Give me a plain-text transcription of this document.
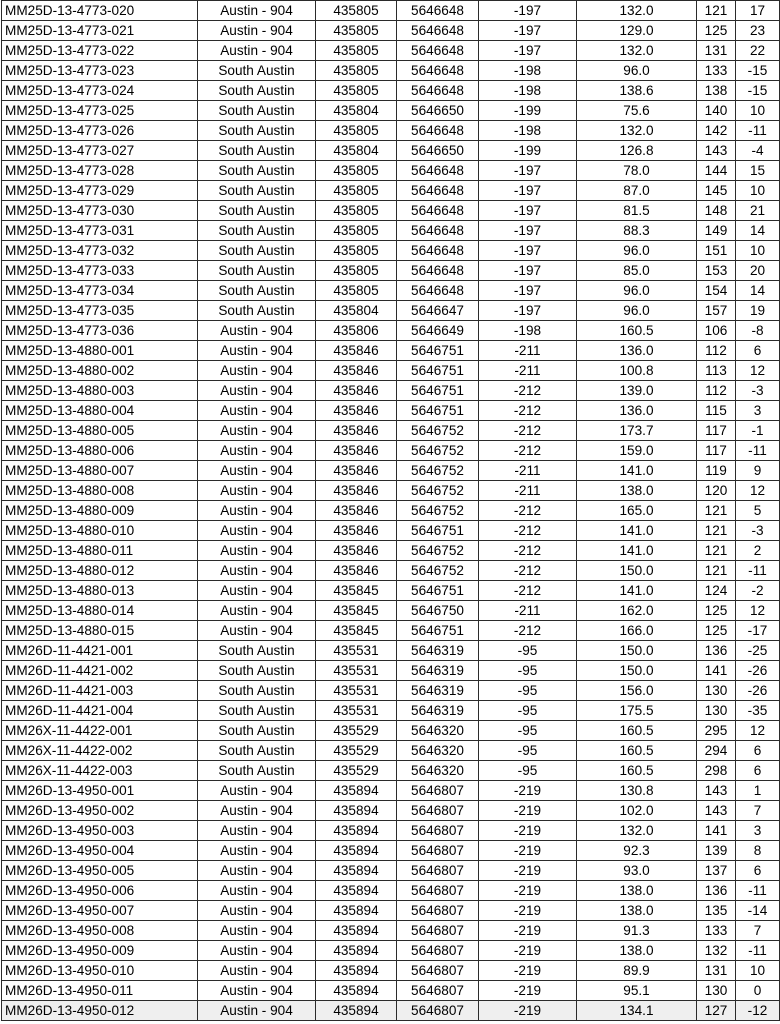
MM25D-13-4773-020	Austin - 904	435805	5646648	-197	132.0	121	17
MM25D-13-4773-021	Austin - 904	435805	5646648	-197	129.0	125	23
MM25D-13-4773-022	Austin - 904	435805	5646648	-197	132.0	131	22
MM25D-13-4773-023	South Austin	435805	5646648	-198	96.0	133	-15
MM25D-13-4773-024	South Austin	435805	5646648	-198	138.6	138	-15
MM25D-13-4773-025	South Austin	435804	5646650	-199	75.6	140	10
MM25D-13-4773-026	South Austin	435805	5646648	-198	132.0	142	-11
MM25D-13-4773-027	South Austin	435804	5646650	-199	126.8	143	-4
MM25D-13-4773-028	South Austin	435805	5646648	-197	78.0	144	15
MM25D-13-4773-029	South Austin	435805	5646648	-197	87.0	145	10
MM25D-13-4773-030	South Austin	435805	5646648	-197	81.5	148	21
MM25D-13-4773-031	South Austin	435805	5646648	-197	88.3	149	14
MM25D-13-4773-032	South Austin	435805	5646648	-197	96.0	151	10
MM25D-13-4773-033	South Austin	435805	5646648	-197	85.0	153	20
MM25D-13-4773-034	South Austin	435805	5646648	-197	96.0	154	14
MM25D-13-4773-035	South Austin	435804	5646647	-197	96.0	157	19
MM25D-13-4773-036	Austin - 904	435806	5646649	-198	160.5	106	-8
MM25D-13-4880-001	Austin - 904	435846	5646751	-211	136.0	112	6
MM25D-13-4880-002	Austin - 904	435846	5646751	-211	100.8	113	12
MM25D-13-4880-003	Austin - 904	435846	5646751	-212	139.0	112	-3
MM25D-13-4880-004	Austin - 904	435846	5646751	-212	136.0	115	3
MM25D-13-4880-005	Austin - 904	435846	5646752	-212	173.7	117	-1
MM25D-13-4880-006	Austin - 904	435846	5646752	-212	159.0	117	-11
MM25D-13-4880-007	Austin - 904	435846	5646752	-211	141.0	119	9
MM25D-13-4880-008	Austin - 904	435846	5646752	-211	138.0	120	12
MM25D-13-4880-009	Austin - 904	435846	5646752	-212	165.0	121	5
MM25D-13-4880-010	Austin - 904	435846	5646751	-212	141.0	121	-3
MM25D-13-4880-011	Austin - 904	435846	5646752	-212	141.0	121	2
MM25D-13-4880-012	Austin - 904	435846	5646752	-212	150.0	121	-11
MM25D-13-4880-013	Austin - 904	435845	5646751	-212	141.0	124	-2
MM25D-13-4880-014	Austin - 904	435845	5646750	-211	162.0	125	12
MM25D-13-4880-015	Austin - 904	435845	5646751	-212	166.0	125	-17
MM26D-11-4421-001	South Austin	435531	5646319	-95	150.0	136	-25
MM26D-11-4421-002	South Austin	435531	5646319	-95	150.0	141	-26
MM26D-11-4421-003	South Austin	435531	5646319	-95	156.0	130	-26
MM26D-11-4421-004	South Austin	435531	5646319	-95	175.5	130	-35
MM26X-11-4422-001	South Austin	435529	5646320	-95	160.5	295	12
MM26X-11-4422-002	South Austin	435529	5646320	-95	160.5	294	6
MM26X-11-4422-003	South Austin	435529	5646320	-95	160.5	298	6
MM26D-13-4950-001	Austin - 904	435894	5646807	-219	130.8	143	1
MM26D-13-4950-002	Austin - 904	435894	5646807	-219	102.0	143	7
MM26D-13-4950-003	Austin - 904	435894	5646807	-219	132.0	141	3
MM26D-13-4950-004	Austin - 904	435894	5646807	-219	92.3	139	8
MM26D-13-4950-005	Austin - 904	435894	5646807	-219	93.0	137	6
MM26D-13-4950-006	Austin - 904	435894	5646807	-219	138.0	136	-11
MM26D-13-4950-007	Austin - 904	435894	5646807	-219	138.0	135	-14
MM26D-13-4950-008	Austin - 904	435894	5646807	-219	91.3	133	7
MM26D-13-4950-009	Austin - 904	435894	5646807	-219	138.0	132	-11
MM26D-13-4950-010	Austin - 904	435894	5646807	-219	89.9	131	10
MM26D-13-4950-011	Austin - 904	435894	5646807	-219	95.1	130	0
MM26D-13-4950-012	Austin - 904	435894	5646807	-219	134.1	127	-12
